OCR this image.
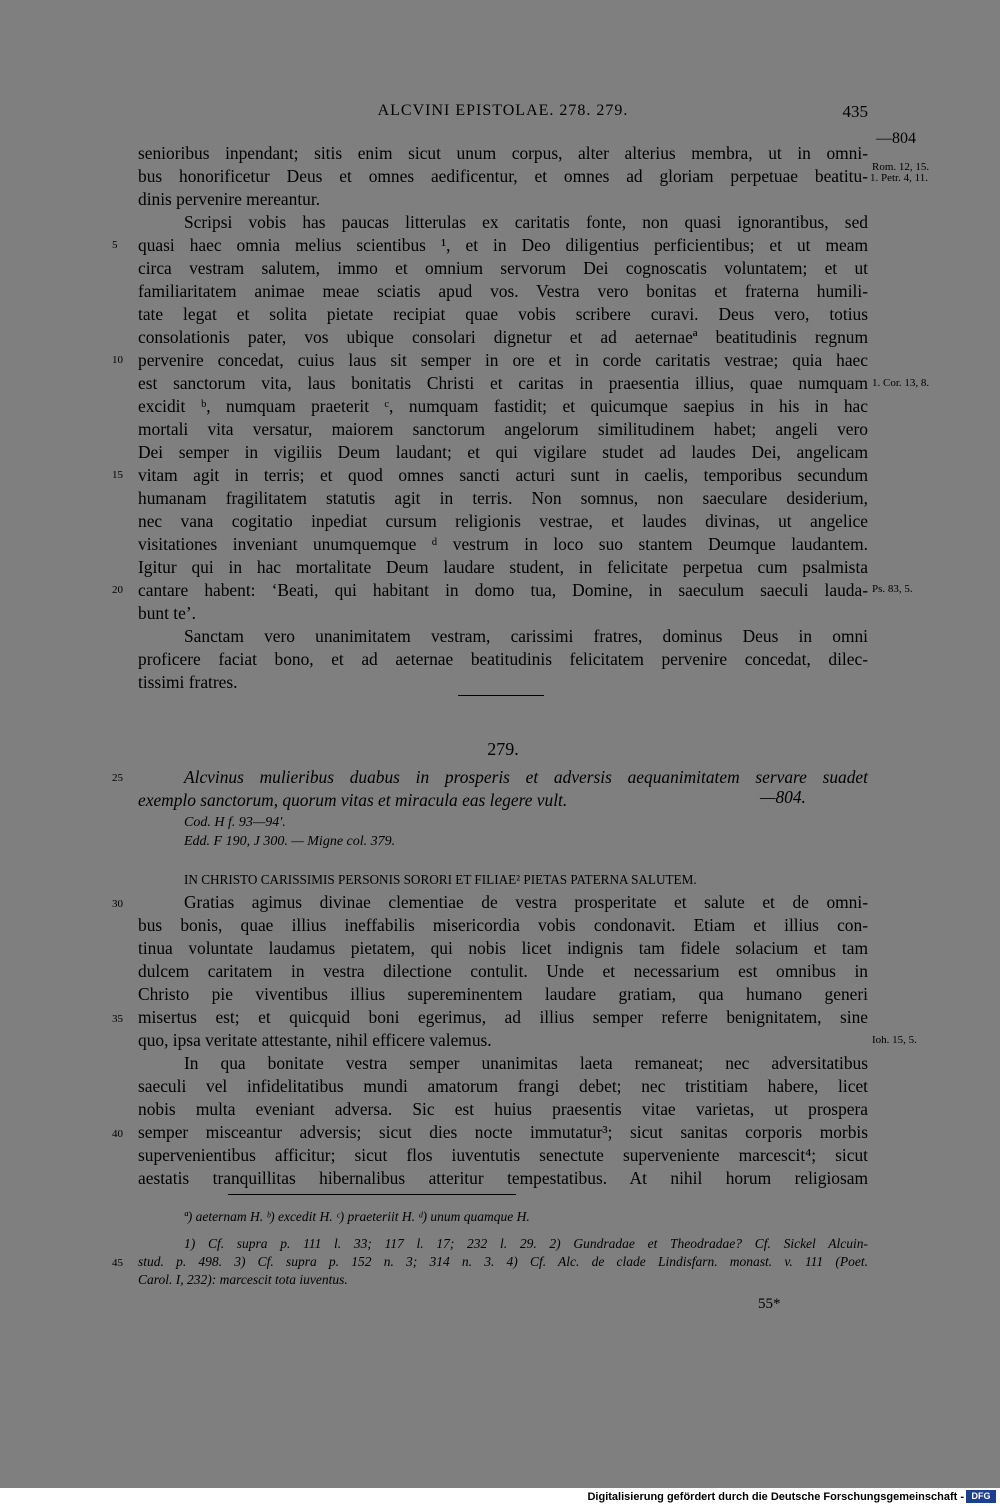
ALCVINI EPISTOLAE. 278. 279.	435
senioribus inpendant; sitis enim sicut unum corpus, alter alterius membra, ut in omni-
bus honorificetur Deus et omnes aedificentur, et omnes ad gloriam perpetuae beatitu-
dinis pervenire mereantur.
Scripsi vobis has paucas litterulas ex caritatis fonte, non quasi ignorantibus, sed
quasi haec omnia melius scientibus ¹, et in Deo diligentius perficientibus; et ut meam
circa vestram salutem, immo et omnium servorum Dei cognoscatis voluntatem; et ut
familiaritatem animae meae sciatis apud vos. Vestra vero bonitas et fraterna humili-
tate legat et solita pietate recipiat quae vobis scribere curavi. Deus vero, totius
consolationis pater, vos ubique consolari dignetur et ad aeternaeª beatitudinis regnum
pervenire concedat, cuius laus sit semper in ore et in corde caritatis vestrae; quia haec
est sanctorum vita, laus bonitatis Christi et caritas in praesentia illius, quae numquam
excidit ᵇ, numquam praeterit ᶜ, numquam fastidit; et quicumque saepius in his in hac
mortali vita versatur, maiorem sanctorum angelorum similitudinem habet; angeli vero
Dei semper in vigiliis Deum laudant; et qui vigilare studet ad laudes Dei, angelicam
vitam agit in terris; et quod omnes sancti acturi sunt in caelis, temporibus secundum
humanam fragilitatem statutis agit in terris. Non somnus, non saeculare desiderium,
nec vana cogitatio inpediat cursum religionis vestrae, et laudes divinas, ut angelice
visitationes inveniant unumquemque ᵈ vestrum in loco suo stantem Deumque laudantem.
Igitur qui in hac mortalitate Deum laudare student, in felicitate perpetua cum psalmista
cantare habent: ‘Beati, qui habitant in domo tua, Domine, in saeculum saeculi lauda-
bunt te’.
Sanctam vero unanimitatem vestram, carissimi fratres, dominus Deus in omni
proficere faciat bono, et ad aeternae beatitudinis felicitatem pervenire concedat, dilec-
tissimi fratres.
5
10
15
20
25
30
35
40
45
—804
Rom. 12, 15.
1. Petr. 4, 11.
1. Cor. 13, 8.
Ps. 83, 5.
Ioh. 15, 5.
279.
Alcvinus mulieribus duabus in prosperis et adversis aequanimitatem servare suadet
exemplo sanctorum, quorum vitas et miracula eas legere vult.	—804.
Cod. H f. 93—94'.
Edd. F 190, J 300. — Migne col. 379.
IN CHRISTO CARISSIMIS PERSONIS SORORI ET FILIAE² PIETAS PATERNA SALUTEM.
Gratias agimus divinae clementiae de vestra prosperitate et salute et de omni-
bus bonis, quae illius ineffabilis misericordia vobis condonavit. Etiam et illius con-
tinua voluntate laudamus pietatem, qui nobis licet indignis tam fidele solacium et tam
dulcem caritatem in vestra dilectione contulit. Unde et necessarium est omnibus in
Christo pie viventibus illius supereminentem laudare gratiam, qua humano generi
misertus est; et quicquid boni egerimus, ad illius semper referre benignitatem, sine
quo, ipsa veritate attestante, nihil efficere valemus.
In qua bonitate vestra semper unanimitas laeta remaneat; nec adversitatibus
saeculi vel infidelitatibus mundi amatorum frangi debet; nec tristitiam habere, licet
nobis multa eveniant adversa. Sic est huius praesentis vitae varietas, ut prospera
semper misceantur adversis; sicut dies nocte immutatur³; sicut sanitas corporis morbis
supervenientibus afficitur; sicut flos iuventutis senectute superveniente marcescit⁴; sicut
aestatis tranquillitas hibernalibus atteritur tempestatibus. At nihil horum religiosam
ª) aeternam H. ᵇ) excedit H. ᶜ) praeteriit H. ᵈ) unum quamque H.
1) Cf. supra p. 111 l. 33; 117 l. 17; 232 l. 29. 2) Gundradae et Theodradae? Cf. Sickel Alcuin-
stud. p. 498. 3) Cf. supra p. 152 n. 3; 314 n. 3. 4) Cf. Alc. de clade Lindisfarn. monast. v. 111 (Poet.
Carol. I, 232): marcescit tota iuventus.
55*
Digitalisierung gefördert durch die Deutsche Forschungsgemeinschaft - DFG
